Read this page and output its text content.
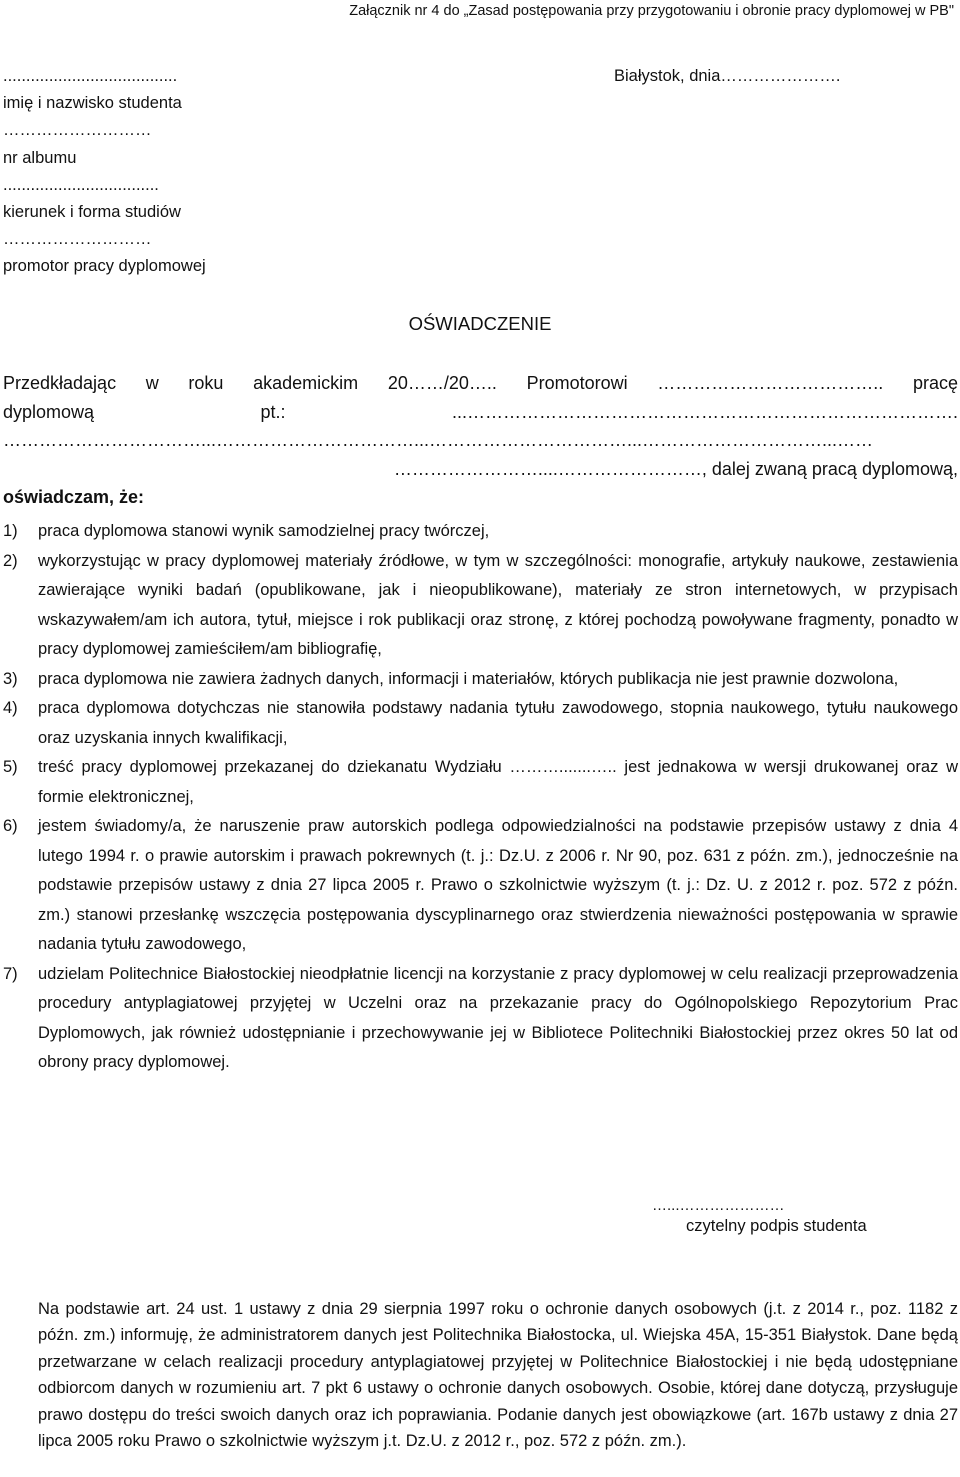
Załącznik nr 4 do „Zasad postępowania przy przygotowaniu i obronie pracy dyplomowej w PB"
......................................
imię i nazwisko studenta
………………………
nr albumu
..................................
kierunek i forma studiów
………………………
promotor pracy dyplomowej
Białystok, dnia………………….
OŚWIADCZENIE
Przedkładając w roku akademickim 20……/20….. Promotorowi ……………………………….. pracę
dyplomową pt.:	...……………………………………………………………………….
……………………………...……………………………...……………………………...…………………………...……
……………………....……………………, dalej zwaną pracą dyplomową,
oświadczam, że:
1) praca dyplomowa stanowi wynik samodzielnej pracy twórczej,
2) wykorzystując w pracy dyplomowej materiały źródłowe, w tym w szczególności: monografie, artykuły naukowe, zestawienia zawierające wyniki badań (opublikowane, jak i nieopublikowane), materiały ze stron internetowych, w przypisach wskazywałem/am ich autora, tytuł, miejsce i rok publikacji oraz stronę, z której pochodzą powoływane fragmenty, ponadto w pracy dyplomowej zamieściłem/am bibliografię,
3) praca dyplomowa nie zawiera żadnych danych, informacji i materiałów, których publikacja nie jest prawnie dozwolona,
4) praca dyplomowa dotychczas nie stanowiła podstawy nadania tytułu zawodowego, stopnia naukowego, tytułu naukowego oraz uzyskania innych kwalifikacji,
5) treść pracy dyplomowej przekazanej do dziekanatu Wydziału ……….......….. jest jednakowa w wersji drukowanej oraz w formie elektronicznej,
6) jestem świadomy/a, że naruszenie praw autorskich podlega odpowiedzialności na podstawie przepisów ustawy z dnia 4 lutego 1994 r. o prawie autorskim i prawach pokrewnych (t. j.: Dz.U. z 2006 r. Nr 90, poz. 631 z późn. zm.), jednocześnie na podstawie przepisów ustawy z dnia 27 lipca 2005 r. Prawo o szkolnictwie wyższym (t. j.: Dz. U. z 2012 r. poz. 572 z późn. zm.) stanowi przesłankę wszczęcia postępowania dyscyplinarnego oraz stwierdzenia nieważności postępowania w sprawie nadania tytułu zawodowego,
7) udzielam Politechnice Białostockiej nieodpłatnie licencji na korzystanie z pracy dyplomowej w celu realizacji przeprowadzenia procedury antyplagiatowej przyjętej w Uczelni oraz na przekazanie pracy do Ogólnopolskiego Repozytorium Prac Dyplomowych, jak również udostępnianie i przechowywanie jej w Bibliotece Politechniki Białostockiej przez okres 50 lat od obrony pracy dyplomowej.
…...…………………
czytelny podpis studenta
Na podstawie art. 24 ust. 1 ustawy z dnia 29 sierpnia 1997 roku o ochronie danych osobowych (j.t. z 2014 r., poz. 1182 z późn. zm.) informuję, że administratorem danych jest Politechnika Białostocka, ul. Wiejska 45A, 15-351 Białystok. Dane będą przetwarzane w celach realizacji procedury antyplagiatowej przyjętej w Politechnice Białostockiej i nie będą udostępniane odbiorcom danych w rozumieniu art. 7 pkt 6 ustawy o ochronie danych osobowych. Osobie, której dane dotyczą, przysługuje prawo dostępu do treści swoich danych oraz ich poprawiania. Podanie danych jest obowiązkowe (art. 167b ustawy z dnia 27 lipca 2005 roku Prawo o szkolnictwie wyższym j.t. Dz.U. z 2012 r., poz. 572 z późn. zm.).
